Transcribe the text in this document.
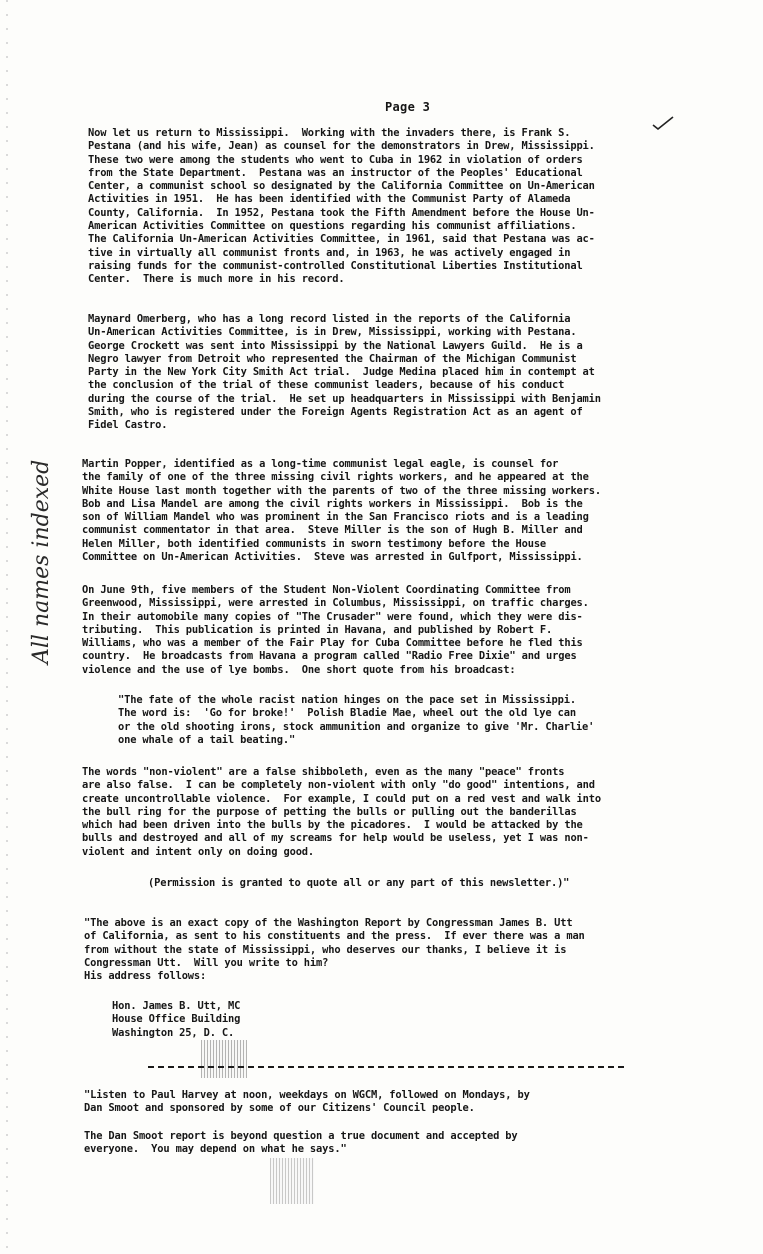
Page 3
All names indexed
Now let us return to Mississippi.  Working with the invaders there, is Frank S.
Pestana (and his wife, Jean) as counsel for the demonstrators in Drew, Mississippi.
These two were among the students who went to Cuba in 1962 in violation of orders
from the State Department.  Pestana was an instructor of the Peoples' Educational
Center, a communist school so designated by the California Committee on Un-American
Activities in 1951.  He has been identified with the Communist Party of Alameda
County, California.  In 1952, Pestana took the Fifth Amendment before the House Un-
American Activities Committee on questions regarding his communist affiliations.
The California Un-American Activities Committee, in 1961, said that Pestana was ac-
tive in virtually all communist fronts and, in 1963, he was actively engaged in
raising funds for the communist-controlled Constitutional Liberties Institutional
Center.  There is much more in his record.
Maynard Omerberg, who has a long record listed in the reports of the California
Un-American Activities Committee, is in Drew, Mississippi, working with Pestana.
George Crockett was sent into Mississippi by the National Lawyers Guild.  He is a
Negro lawyer from Detroit who represented the Chairman of the Michigan Communist
Party in the New York City Smith Act trial.  Judge Medina placed him in contempt at
the conclusion of the trial of these communist leaders, because of his conduct
during the course of the trial.  He set up headquarters in Mississippi with Benjamin
Smith, who is registered under the Foreign Agents Registration Act as an agent of
Fidel Castro.
Martin Popper, identified as a long-time communist legal eagle, is counsel for
the family of one of the three missing civil rights workers, and he appeared at the
White House last month together with the parents of two of the three missing workers.
Bob and Lisa Mandel are among the civil rights workers in Mississippi.  Bob is the
son of William Mandel who was prominent in the San Francisco riots and is a leading
communist commentator in that area.  Steve Miller is the son of Hugh B. Miller and
Helen Miller, both identified communists in sworn testimony before the House
Committee on Un-American Activities.  Steve was arrested in Gulfport, Mississippi.
On June 9th, five members of the Student Non-Violent Coordinating Committee from
Greenwood, Mississippi, were arrested in Columbus, Mississippi, on traffic charges.
In their automobile many copies of "The Crusader" were found, which they were dis-
tributing.  This publication is printed in Havana, and published by Robert F.
Williams, who was a member of the Fair Play for Cuba Committee before he fled this
country.  He broadcasts from Havana a program called "Radio Free Dixie" and urges
violence and the use of lye bombs.  One short quote from his broadcast:
"The fate of the whole racist nation hinges on the pace set in Mississippi.
The word is:  'Go for broke!'  Polish Bladie Mae, wheel out the old lye can
or the old shooting irons, stock ammunition and organize to give 'Mr. Charlie'
one whale of a tail beating."
The words "non-violent" are a false shibboleth, even as the many "peace" fronts
are also false.  I can be completely non-violent with only "do good" intentions, and
create uncontrollable violence.  For example, I could put on a red vest and walk into
the bull ring for the purpose of petting the bulls or pulling out the banderillas
which had been driven into the bulls by the picadores.  I would be attacked by the
bulls and destroyed and all of my screams for help would be useless, yet I was non-
violent and intent only on doing good.
(Permission is granted to quote all or any part of this newsletter.)"
"The above is an exact copy of the Washington Report by Congressman James B. Utt
of California, as sent to his constituents and the press.  If ever there was a man
from without the state of Mississippi, who deserves our thanks, I believe it is
Congressman Utt.  Will you write to him?
His address follows:
Hon. James B. Utt, MC
House Office Building
Washington 25, D. C.
"Listen to Paul Harvey at noon, weekdays on WGCM, followed on Mondays, by
Dan Smoot and sponsored by some of our Citizens' Council people.
The Dan Smoot report is beyond question a true document and accepted by
everyone.  You may depend on what he says."
